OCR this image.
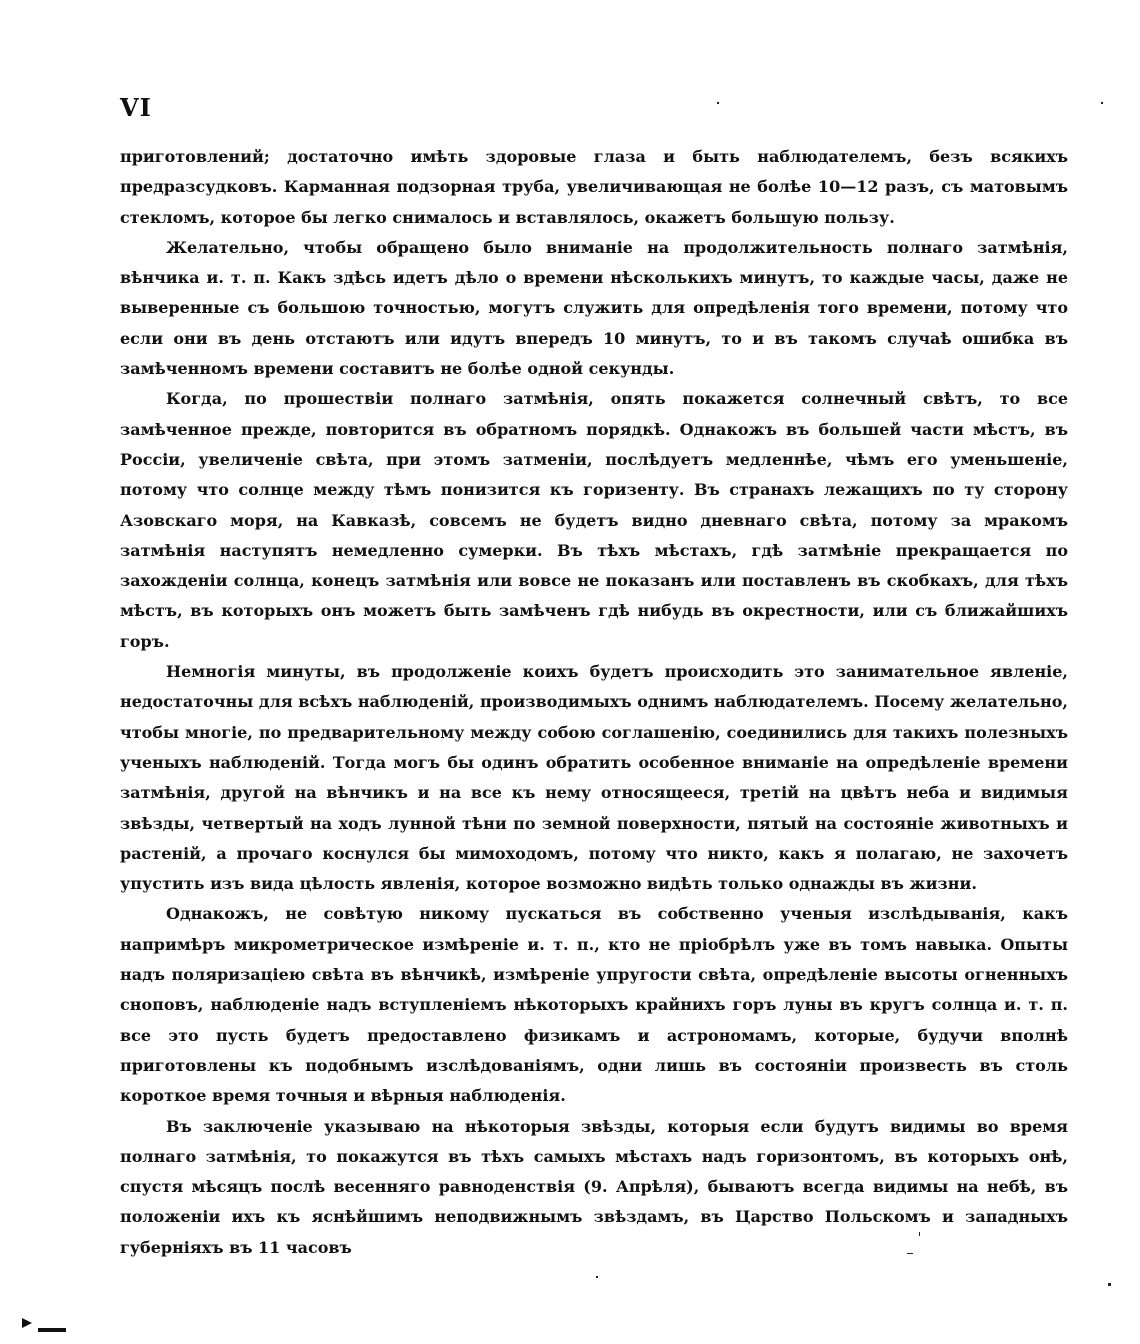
VI

приготовлений; достаточно имѣть здоровые глаза и быть наблюдателемъ, безъ всякихъ предразсудковъ. Карманная подзорная труба, увеличивающая не болѣе 10—12 разъ, съ матовымъ стекломъ, которое бы легко снималось и вставлялось, окажетъ большую пользу.

Желательно, чтобы обращено было вниманіе на продолжительность полнаго затмѣнія, вѣнчика и. т. п. Какъ здѣсь идетъ дѣло о времени нѣсколькихъ минутъ, то каждые часы, даже не выверенные съ большою точностью, могутъ служить для опредѣленія того времени, потому что если они въ день отстаютъ или идутъ впередъ 10 минутъ, то и въ такомъ случаѣ ошибка въ замѣченномъ времени составитъ не болѣе одной секунды.

Когда, по прошествіи полнаго затмѣнія, опять покажется солнечный свѣтъ, то все замѣченное прежде, повторится въ обратномъ порядкѣ. Однакожъ въ большей части мѣстъ, въ Россіи, увеличеніе свѣта, при этомъ затменіи, послѣдуетъ медленнѣе, чѣмъ его уменьшеніе, потому что солнце между тѣмъ понизится къ горизенту. Въ странахъ лежащихъ по ту сторону Азовскаго моря, на Кавказѣ, совсемъ не будетъ видно дневнаго свѣта, потому за мракомъ затмѣнія наступятъ немедленно сумерки. Въ тѣхъ мѣстахъ, гдѣ затмѣніе прекращается по захожденіи солнца, конецъ затмѣнія или вовсе не показанъ или поставленъ въ скобкахъ, для тѣхъ мѣстъ, въ которыхъ онъ можетъ быть замѣченъ гдѣ нибудь въ окрестности, или съ ближайшихъ горъ.

Немногія минуты, въ продолженіе коихъ будетъ происходить это занимательное явленіе, недостаточны для всѣхъ наблюденій, производимыхъ однимъ наблюдателемъ. Посему желательно, чтобы многіе, по предварительному между собою соглашенію, соединились для такихъ полезныхъ ученыхъ наблюденій. Тогда могъ бы одинъ обратить особенное вниманіе на опредѣленіе времени затмѣнія, другой на вѣнчикъ и на все къ нему относящееся, третій на цвѣтъ неба и видимыя звѣзды, четвертый на ходъ лунной тѣни по земной поверхности, пятый на состояніе животныхъ и растеній, а прочаго коснулся бы мимоходомъ, потому что никто, какъ я полагаю, не захочетъ упустить изъ вида цѣлость явленія, которое возможно видѣть только однажды въ жизни.

Однакожъ, не совѣтую никому пускаться въ собственно ученыя изслѣдыванія, какъ напримѣръ микрометрическое измѣреніе и. т. п., кто не пріобрѣлъ уже въ томъ навыка. Опыты надъ поляризаціею свѣта въ вѣнчикѣ, измѣреніе упругости свѣта, опредѣленіе высоты огненныхъ сноповъ, наблюденіе надъ вступленіемъ нѣкоторыхъ крайнихъ горъ луны въ кругъ солнца и. т. п. все это пусть будетъ предоставлено физикамъ и астрономамъ, которые, будучи вполнѣ приготовлены къ подобнымъ изслѣдованіямъ, одни лишь въ состояніи произвесть въ столь короткое время точныя и вѣрныя наблюденія.

Въ заключеніе указываю на нѣкоторыя звѣзды, которыя если будутъ видимы во время полнаго затмѣнія, то покажутся въ тѣхъ самыхъ мѣстахъ надъ горизонтомъ, въ которыхъ онѣ, спустя мѣсяцъ послѣ весенняго равноденствія (9. Апрѣля), бываютъ всегда видимы на небѣ, въ положеніи ихъ къ яснѣйшимъ неподвижнымъ звѣздамъ, въ Царство Польскомъ и западныхъ губерніяхъ въ 11 часовъ
